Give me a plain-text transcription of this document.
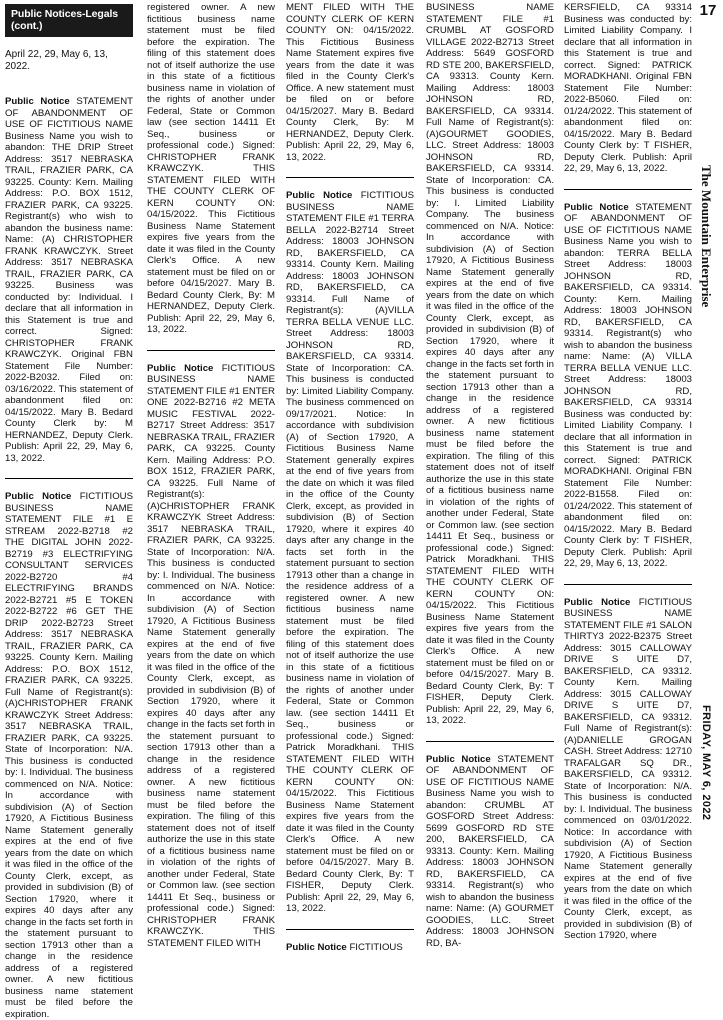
Public Notices-Legals (cont.)
April 22, 29, May 6, 13, 2022.

Public Notice STATEMENT OF ABANDONMENT OF USE OF FICTITIOUS NAME Business Name you wish to abandon: THE DRIP Street Address: 3517 NEBRASKA TRAIL, FRAZIER PARK, CA 93225. County: Kern. Mailing Address: P.O. BOX 1512, FRAZIER PARK, CA 93225. Registrant(s) who wish to abandon the business name: Name: (A) CHRISTOPHER FRANK KRAWCZYK. Street Address: 3517 NEBRASKA TRAIL, FRAZIER PARK, CA 93225. Business was conducted by: Individual. I declare that all information in this Statement is true and correct. Signed: CHRISTOPHER FRANK KRAWCZYK. Original FBN Statement File Number: 2022-B2032. Filed on: 03/16/2022. This statement of abandonment filed on: 04/15/2022. Mary B. Bedard County Clerk by: M HERNANDEZ, Deputy Clerk. Publish: April 22, 29, May 6, 13, 2022.

Public Notice FICTITIOUS BUSINESS NAME STATEMENT FILE #1 E STREAM 2022-B2718 #2 THE DIGITAL JOHN 2022-B2719 #3 ELECTRIFYING CONSULTANT SERVICES 2022-B2720 #4 ELECTRIFYING BRANDS 2022-B2721 #5 E TOKEN 2022-B2722 #6 GET THE DRIP 2022-B2723 Street Address: 3517 NEBRASKA TRAIL, FRAZIER PARK, CA 93225. County Kern. Mailing Address: P.O. BOX 1512, FRAZIER PARK, CA 93225. Full Name of Registrant(s): (A)CHRISTOPHER FRANK KRAWCZYK Street Address: 3517 NEBRASKA TRAIL, FRAZIER PARK, CA 93225. State of Incorporation: N/A. This business is conducted by: I. Individual. The business commenced on N/A. Notice: In accordance with subdivision (A) of Section 17920, A Fictitious Business Name Statement generally expires at the end of five years from the date on which it was filed in the office of the County Clerk, except, as provided in subdivision (B) of Section 17920, where it expires 40 days after any change in the facts set forth in the statement pursuant to section 17913 other than a change in the residence address of a registered owner. A new fictitious business name statement must be filed before the expiration.

registered owner. A new fictitious business name statement must be filed before the expiration. The filing of this statement does not of itself authorize the use in this state of a fictitious business name in violation of the rights of another under Federal, State or Common law (see section 14411 Et Seq., business or professional code.) Signed: CHRISTOPHER FRANK KRAWCZYK. THIS STATEMENT FILED WITH THE COUNTY CLERK OF KERN COUNTY ON: 04/15/2022. This Fictitious Business Name Statement expires five years from the date it was filed in the County Clerk's Office. A new statement must be filed on or before 04/15/2027. Mary B. Bedard County Clerk, By: M HERNANDEZ, Deputy Clerk. Publish: April 22, 29, May 6, 13, 2022.

Public Notice FICTITIOUS BUSINESS NAME STATEMENT FILE #1 ENTER ONE 2022-B2716 #2 META MUSIC FESTIVAL 2022-B2717 Street Address: 3517 NEBRASKA TRAIL, FRAZIER PARK, CA 93225. County Kern. Mailing Address: P.O. BOX 1512, FRAZIER PARK, CA 93225. Full Name of Registrant(s): (A)CHRISTOPHER FRANK KRAWCZYK Street Address: 3517 NEBRASKA TRAIL, FRAZIER PARK, CA 93225. State of Incorporation: N/A. This business is conducted by: I. Individual. The business commenced on N/A. Notice: In accordance with subdivision (A) of Section 17920, A Fictitious Business Name Statement generally expires at the end of five years from the date on which it was filed in the office of the County Clerk, except, as provided in subdivision (B) of Section 17920, where it expires 40 days after any change in the facts set forth in the statement pursuant to section 17913 other than a change in the residence address of a registered owner. A new fictitious business name statement must be filed before the expiration. The filing of this statement does not of itself authorize the use in this state of a fictitious business name in violation of the rights of another under Federal, State or Common law. (see section 14411 Et Seq., business or professional code.) Signed: CHRISTOPHER FRANK KRAWCZYK. THIS STATEMENT FILED WITH

MENT FILED WITH THE COUNTY CLERK OF KERN COUNTY ON: 04/15/2022. This Fictitious Business Name Statement expires five years from the date it was filed in the County Clerk's Office. A new statement must be filed on or before 04/15/2027. Mary B. Bedard County Clerk, By: M HERNANDEZ, Deputy Clerk. Publish: April 22, 29, May 6, 13, 2022.

Public Notice FICTITIOUS BUSINESS NAME STATEMENT FILE #1 TERRA BELLA 2022-B2714 Street Address: 18003 JOHNSON RD, BAKERSFIELD, CA 93314. County Kern. Mailing Address: 18003 JOHNSON RD, BAKERSFIELD, CA 93314. Full Name of Registrant(s): (A)VILLA TERRA BELLA VENUE LLC. Street Address: 18003 JOHNSON RD, BAKERSFIELD, CA 93314. State of Incorporation: CA. This business is conducted by: Limited Liability Company. The business commenced on 09/17/2021. Notice: In accordance with subdivision (A) of Section 17920, A Fictitious Business Name Statement generally expires at the end of five years from the date on which it was filed in the office of the County Clerk, except, as provided in subdivision (B) of Section 17920, where it expires 40 days after any change in the facts set forth in the statement pursuant to section 17913 other than a change in the residence address of a registered owner. A new fictitious business name statement must be filed before the expiration. The filing of this statement does not of itself authorize the use in this state of a fictitious business name in violation of the rights of another under Federal, State or Common law. (see section 14411 Et Seq., business or professional code.) Signed: Patrick Moradkhani. THIS STATEMENT FILED WITH THE COUNTY CLERK OF KERN COUNTY ON: 04/15/2022. This Fictitious Business Name Statement expires five years from the date it was filed in the County Clerk's Office. A new statement must be filed on or before 04/15/2027. Mary B. Bedard County Clerk, By: T FISHER, Deputy Clerk. Publish: April 22, 29, May 6, 13, 2022.

Public Notice FICTITIOUS

BUSINESS NAME STATEMENT FILE #1 CRUMBL AT GOSFORD VILLAGE 2022-B2713 Street Address: 5649 GOSFORD RD STE 200, BAKERSFIELD, CA 93313. County Kern. Mailing Address: 18003 JOHNSON RD, BAKERSFIELD, CA 93314. Full Name of Registrant(s): (A)GOURMET GOODIES, LLC. Street Address: 18003 JOHNSON RD, BAKERSFIELD, CA 93314. State of Incorporation: CA. This business is conducted by: I. Limited Liability Company. The business commenced on N/A. Notice: In accordance with subdivision (A) of Section 17920, A Fictitious Business Name Statement generally expires at the end of five years from the date on which it was filed in the office of the County Clerk, except, as provided in subdivision (B) of Section 17920, where it expires 40 days after any change in the facts set forth in the statement pursuant to section 17913 other than a change in the residence address of a registered owner. A new fictitious business name statement must be filed before the expiration. The filing of this statement does not of itself authorize the use in this state of a fictitious business name in violation of the rights of another under Federal, State or Common law. (see section 14411 Et Seq., business or professional code.) Signed: Patrick Moradkhani. THIS STATEMENT FILED WITH THE COUNTY CLERK OF KERN COUNTY ON: 04/15/2022. This Fictitious Business Name Statement expires five years from the date it was filed in the County Clerk's Office. A new statement must be filed on or before 04/15/2027. Mary B. Bedard County Clerk, By: T FISHER, Deputy Clerk. Publish: April 22, 29, May 6, 13, 2022.

Public Notice STATEMENT OF ABANDONMENT OF USE OF FICTITIOUS NAME Business Name you wish to abandon: CRUMBL AT GOSFORD Street Address: 5699 GOSFORD RD STE 200, BAKERSFIELD, CA 93313. County: Kern. Mailing Address: 18003 JOHNSON RD, BAKERSFIELD, CA 93314. Registrant(s) who wish to abandon the business name: Name: (A) GOURMET GOODIES, LLC. Street Address: 18003 JOHNSON RD, BA-

KERSFIELD, CA 93314 Business was conducted by: Limited Liability Company. I declare that all information in this Statement is true and correct. Signed: PATRICK MORADKHANI. Original FBN Statement File Number: 2022-B5060. Filed on: 01/24/2022. This statement of abandonment filed on: 04/15/2022. Mary B. Bedard County Clerk by: T FISHER, Deputy Clerk. Publish: April 22, 29, May 6, 13, 2022.

Public Notice STATEMENT OF ABANDONMENT OF USE OF FICTITIOUS NAME Business Name you wish to abandon: TERRA BELLA Street Address: 18003 JOHNSON RD, BAKERSFIELD, CA 93314. County: Kern. Mailing Address: 18003 JOHNSON RD, BAKERSFIELD, CA 93314. Registrant(s) who wish to abandon the business name: Name: (A) VILLA TERRA BELLA VENUE LLC. Street Address: 18003 JOHNSON RD, BAKERSFIELD, CA 93314 Business was conducted by: Limited Liability Company. I declare that all information in this Statement is true and correct. Signed: PATRICK MORADKHANI. Original FBN Statement File Number: 2022-B1558. Filed on: 01/24/2022. This statement of abandonment filed on: 04/15/2022. Mary B. Bedard County Clerk by: T FISHER, Deputy Clerk. Publish: April 22, 29, May 6, 13, 2022.

Public Notice FICTITIOUS BUSINESS NAME STATEMENT FILE #1 SALON THIRTY3 2022-B2375 Street Address: 3015 CALLOWAY DRIVE S UITE D7, BAKERSFIELD, CA 93312. County Kern. Mailing Address: 3015 CALLOWAY DRIVE S UITE D7, BAKERSFIELD, CA 93312. Full Name of Registrant(s): (A)DANIELLE GROGAN CASH. Street Address: 12710 TRAFALGAR SQ DR., BAKERSFIELD, CA 93312. State of Incorporation: N/A. This business is conducted by: I. Individual. The business commenced on 03/01/2022. Notice: In accordance with subdivision (A) of Section 17920, A Fictitious Business Name Statement generally expires at the end of five years from the date on which it was filed in the office of the County Clerk, except, as provided in subdivision (B) of Section 17920, where

17
The Mountain Enterprise
FRIDAY, MAY 6, 2022
